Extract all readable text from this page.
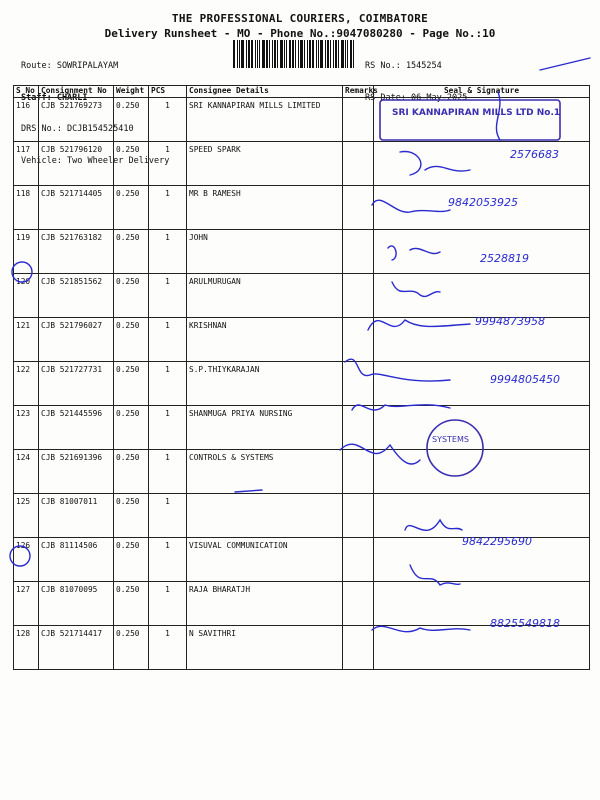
THE PROFESSIONAL COURIERS, COIMBATORE
Delivery Runsheet - MO - Phone No.:9047080280 - Page No.:10

Route: SOWRIPALAYAM

Staff: CHARLI

DRS No.: DCJB154525410

Vehicle: Two Wheeler Delivery

RS No.: 1545254

RS Date: 06-May-2025

S No	Consignment No	Weight	PCS	Consignee Details	Remarks	Seal & Signature
116	CJB 521769273	0.250	1	SRI KANNAPIRAN MILLS LIMITED		
117	CJB 521796120	0.250	1	SPEED SPARK		
118	CJB 521714405	0.250	1	MR B RAMESH		
119	CJB 521763182	0.250	1	JOHN		
120	CJB 521851562	0.250	1	ARULMURUGAN		
121	CJB 521796027	0.250	1	KRISHNAN		
122	CJB 521727731	0.250	1	S.P.THIYKARAJAN		
123	CJB 521445596	0.250	1	SHANMUGA PRIYA NURSING		
124	CJB 521691396	0.250	1	CONTROLS & SYSTEMS		
125	CJB 81007011	0.250	1			
126	CJB 81114506	0.250	1	VISUVAL COMMUNICATION		
127	CJB 81070095	0.250	1	RAJA BHARATJH		
128	CJB 521714417	0.250	1	N SAVITHRI		
SRI KANNAPIRAN MILLS LTD No.1
SYSTEMS
2576683
9842053925
2528819
9994873958
9994805450
9842295690
8825549818
